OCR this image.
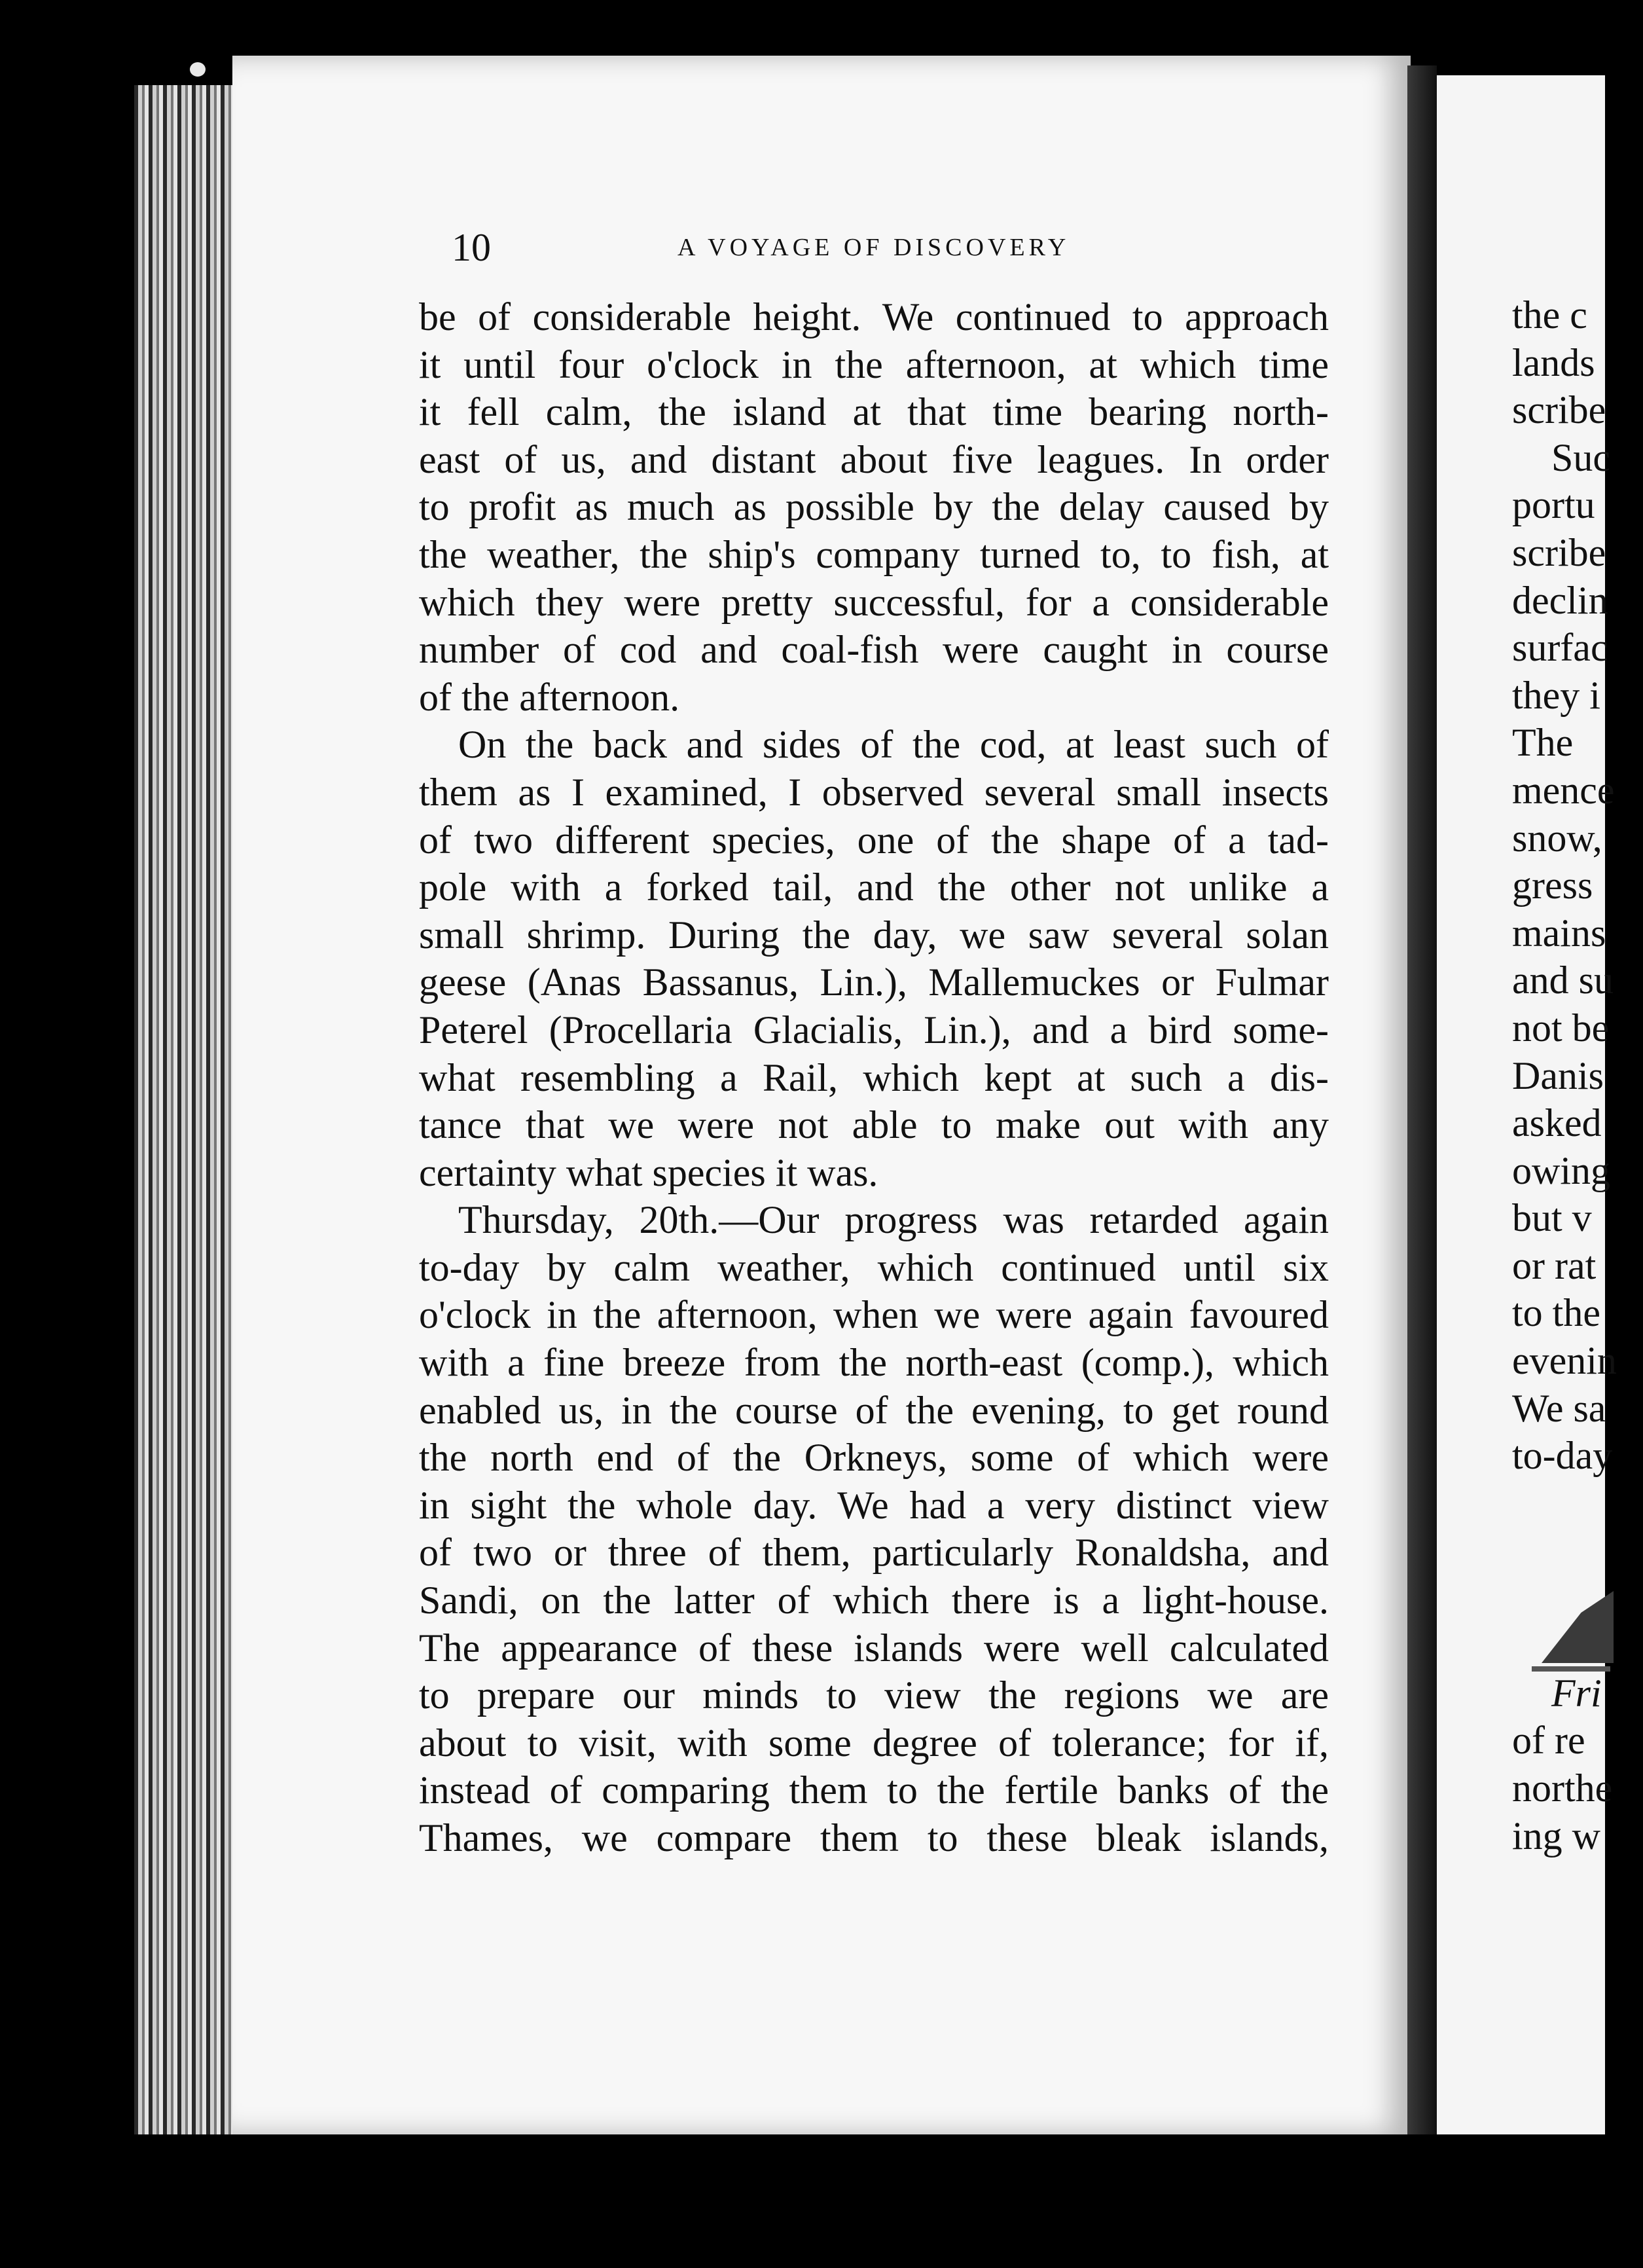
10	A VOYAGE OF DISCOVERY
be of considerable height. We continued to approach
it until four o'clock in the afternoon, at which time
it fell calm, the island at that time bearing north-
east of us, and distant about five leagues. In order
to profit as much as possible by the delay caused by
the weather, the ship's company turned to, to fish, at
which they were pretty successful, for a considerable
number of cod and coal-fish were caught in course
of the afternoon.
On the back and sides of the cod, at least such of
them as I examined, I observed several small insects
of two different species, one of the shape of a tad-
pole with a forked tail, and the other not unlike a
small shrimp. During the day, we saw several solan
geese (Anas Bassanus, Lin.), Mallemuckes or Fulmar
Peterel (Procellaria Glacialis, Lin.), and a bird some-
what resembling a Rail, which kept at such a dis-
tance that we were not able to make out with any
certainty what species it was.
Thursday, 20th.—Our progress was retarded again
to-day by calm weather, which continued until six
o'clock in the afternoon, when we were again favoured
with a fine breeze from the north-east (comp.), which
enabled us, in the course of the evening, to get round
the north end of the Orkneys, some of which were
in sight the whole day. We had a very distinct view
of two or three of them, particularly Ronaldsha, and
Sandi, on the latter of which there is a light-house.
The appearance of these islands were well calculated
to prepare our minds to view the regions we are
about to visit, with some degree of tolerance; for if,
instead of comparing them to the fertile banks of the
Thames, we compare them to these bleak islands,
the c
lands
scribe
Suc
portu
scribe
declin
surfac
they i
The
mence
snow,
gress
mains
and su
not be
Danis
asked
owing
but v
or rat
to the
evenin
We sa
to-day
Fri
of re
northe
ing w
